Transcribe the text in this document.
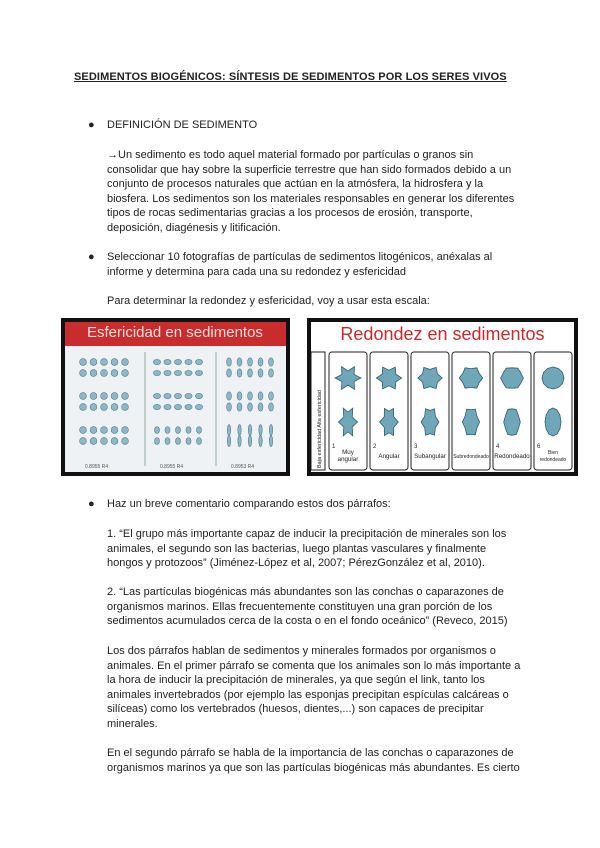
SEDIMENTOS BIOGÉNICOS: SÍNTESIS DE SEDIMENTOS POR LOS SERES VIVOS
● DEFINICIÓN DE SEDIMENTO
→Un sedimento es todo aquel material formado por partículas o granos sin
consolidar que hay sobre la superficie terrestre que han sido formados debido a un
conjunto de procesos naturales que actúan en la atmósfera, la hidrosfera y la
biosfera. Los sedimentos son los materiales responsables en generar los diferentes
tipos de rocas sedimentarias gracias a los procesos de erosión, transporte,
deposición, diagénesis y litificación.
● Seleccionar 10 fotografías de partículas de sedimentos litogénicos, anéxalas al
informe y determina para cada una su redondez y esfericidad
Para determinar la redondez y esfericidad, voy a usar esta escala:
Esfericidad en sedimentos
0.8955 R4	0.8955 R4	0.8953 R4
Redondez en sedimentos
Baja esfericidad Alta esfericidad 1
Muy
angular
2
Angular
3
Subangular Subredondeado
4
Redondeado
6
Bien
redondeado
● Haz un breve comentario comparando estos dos párrafos:
1. “El grupo más importante capaz de inducir la precipitación de minerales son los
animales, el segundo son las bacterias, luego plantas vasculares y finalmente
hongos y protozoos” (Jiménez-López et al, 2007; PérezGonzález et al, 2010).
2. “Las partículas biogénicas más abundantes son las conchas o caparazones de
organismos marinos. Ellas frecuentemente constituyen una gran porción de los
sedimentos acumulados cerca de la costa o en el fondo oceánico” (Reveco, 2015)
Los dos párrafos hablan de sedimentos y minerales formados por organismos o
animales. En el primer párrafo se comenta que los animales son lo más importante a
la hora de inducir la precipitación de minerales, ya que según el link, tanto los
animales invertebrados (por ejemplo las esponjas precipitan espículas calcáreas o
silíceas) como los vertebrados (huesos, dientes,...) son capaces de precipitar
minerales.
En el segundo párrafo se habla de la importancia de las conchas o caparazones de
organismos marinos ya que son las partículas biogénicas más abundantes. Es cierto
